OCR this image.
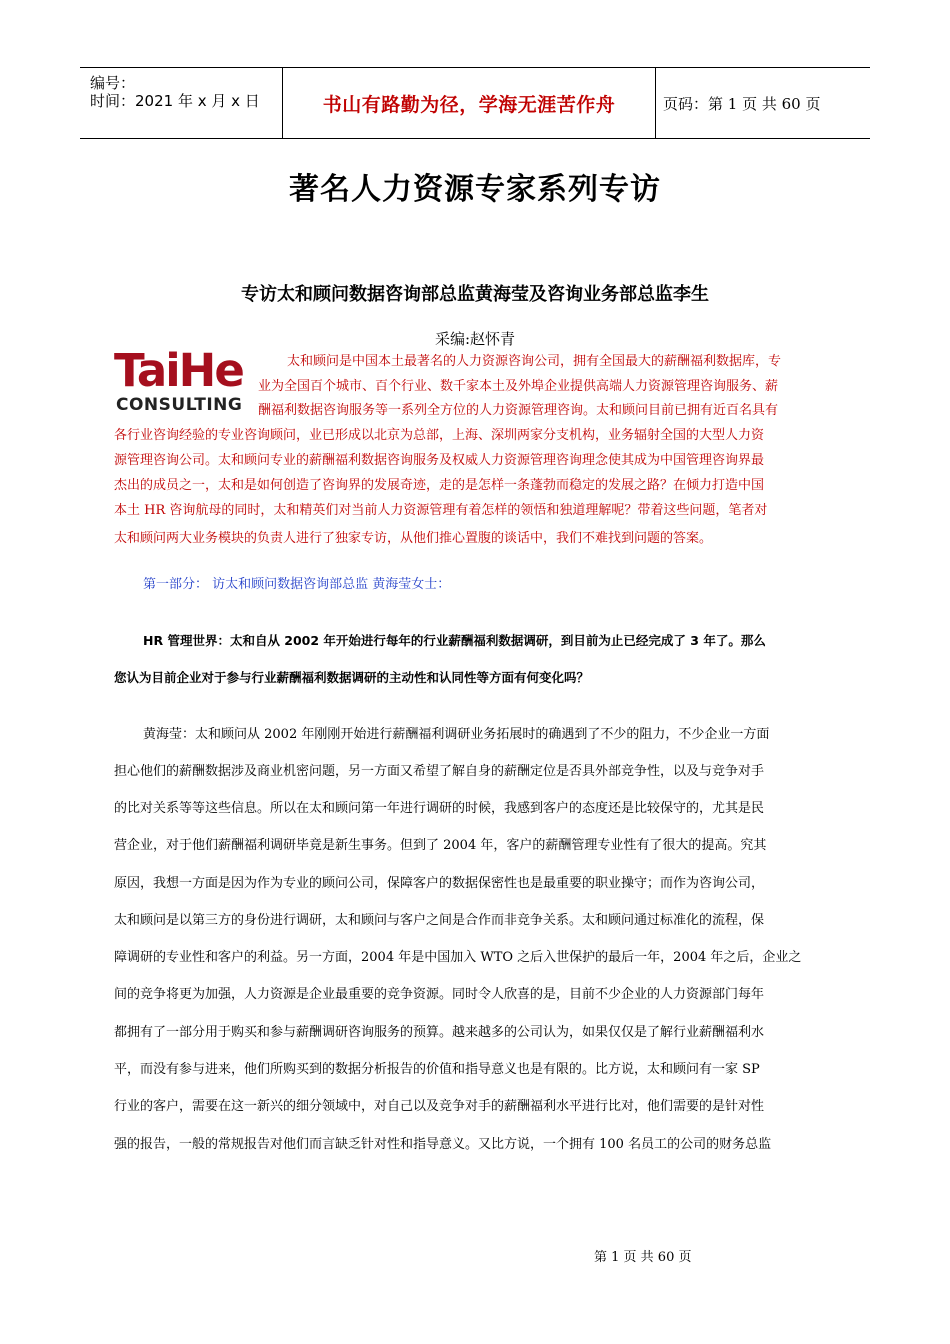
编号：
时间：2021 年 x 月 x 日	书山有路勤为径，学海无涯苦作舟	页码：第 1 页 共 60 页
著名人力资源专家系列专访
专访太和顾问数据咨询部总监黄海莹及咨询业务部总监李生
采编:赵怀青
TaiHe
CONSULTING
太和顾问是中国本土最著名的人力资源咨询公司，拥有全国最大的薪酬福利数据库，专
业为全国百个城市、百个行业、数千家本土及外埠企业提供高端人力资源管理咨询服务、薪
酬福利数据咨询服务等一系列全方位的人力资源管理咨询。太和顾问目前已拥有近百名具有
各行业咨询经验的专业咨询顾问，业已形成以北京为总部，上海、深圳两家分支机构，业务辐射全国的大型人力资
源管理咨询公司。太和顾问专业的薪酬福利数据咨询服务及权威人力资源管理咨询理念使其成为中国管理咨询界最
杰出的成员之一，太和是如何创造了咨询界的发展奇迹，走的是怎样一条蓬勃而稳定的发展之路？在倾力打造中国
本土 HR 咨询航母的同时，太和精英们对当前人力资源管理有着怎样的领悟和独道理解呢？带着这些问题，笔者对
太和顾问两大业务模块的负责人进行了独家专访，从他们推心置腹的谈话中，我们不难找到问题的答案。
第一部分： 访太和顾问数据咨询部总监 黄海莹女士：
HR 管理世界：太和自从 2002 年开始进行每年的行业薪酬福利数据调研，到目前为止已经完成了 3 年了。那么
您认为目前企业对于参与行业薪酬福利数据调研的主动性和认同性等方面有何变化吗？
黄海莹：太和顾问从 2002 年刚刚开始进行薪酬福利调研业务拓展时的确遇到了不少的阻力，不少企业一方面
担心他们的薪酬数据涉及商业机密问题，另一方面又希望了解自身的薪酬定位是否具外部竞争性，以及与竞争对手
的比对关系等等这些信息。所以在太和顾问第一年进行调研的时候，我感到客户的态度还是比较保守的，尤其是民
营企业，对于他们薪酬福利调研毕竟是新生事务。但到了 2004 年，客户的薪酬管理专业性有了很大的提高。究其
原因，我想一方面是因为作为专业的顾问公司，保障客户的数据保密性也是最重要的职业操守；而作为咨询公司，
太和顾问是以第三方的身份进行调研，太和顾问与客户之间是合作而非竞争关系。太和顾问通过标准化的流程，保
障调研的专业性和客户的利益。另一方面，2004 年是中国加入 WTO 之后入世保护的最后一年，2004 年之后，企业之
间的竞争将更为加强，人力资源是企业最重要的竞争资源。同时令人欣喜的是，目前不少企业的人力资源部门每年
都拥有了一部分用于购买和参与薪酬调研咨询服务的预算。越来越多的公司认为，如果仅仅是了解行业薪酬福利水
平，而没有参与进来，他们所购买到的数据分析报告的价值和指导意义也是有限的。比方说，太和顾问有一家 SP
行业的客户，需要在这一新兴的细分领域中，对自己以及竞争对手的薪酬福利水平进行比对，他们需要的是针对性
强的报告，一般的常规报告对他们而言缺乏针对性和指导意义。又比方说，一个拥有 100 名员工的公司的财务总监
第 1 页 共 60 页
